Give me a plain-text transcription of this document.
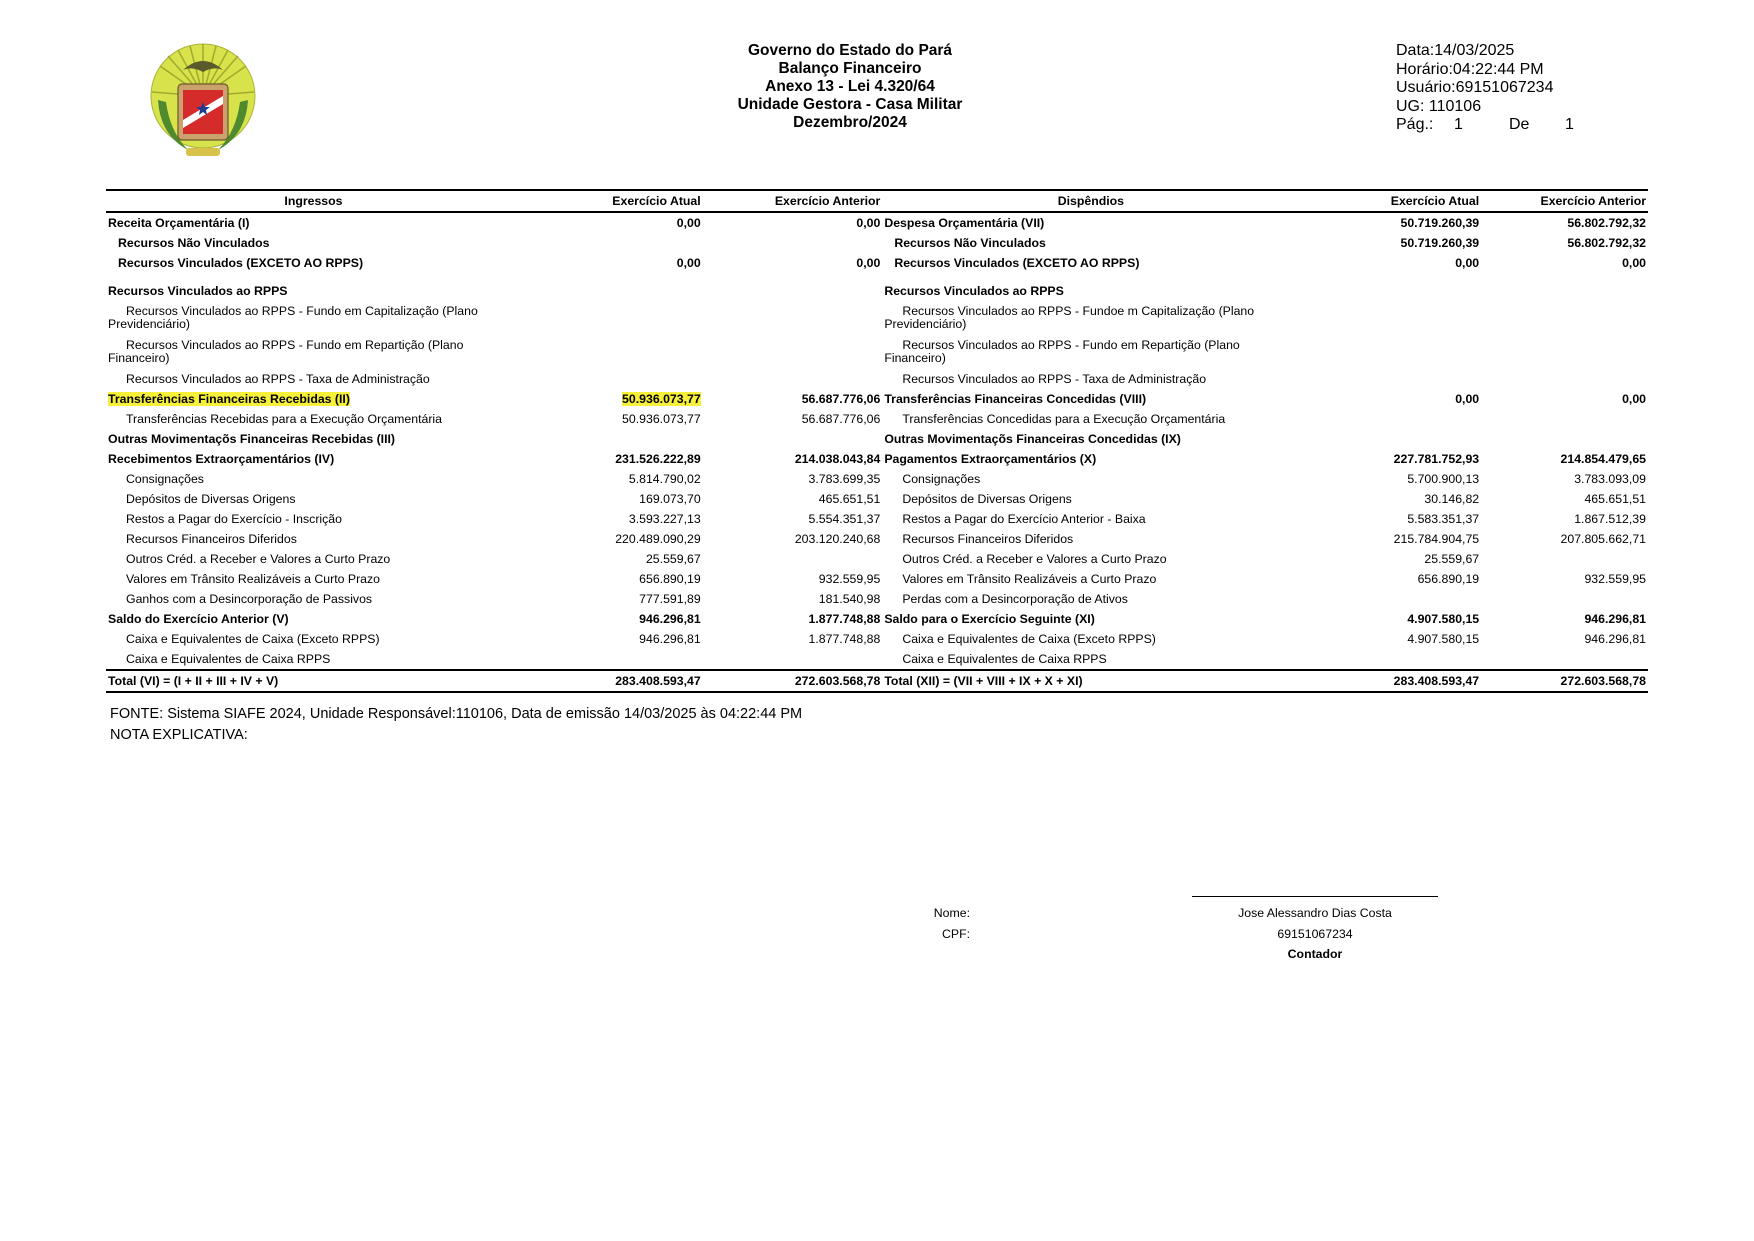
Governo do Estado do Pará
Balanço Financeiro
Anexo 13 - Lei 4.320/64
Unidade Gestora - Casa Militar
Dezembro/2024
Data:14/03/2025
Horário:04:22:44 PM
Usuário:69151067234
UG: 110106
Pág.: 1	De 1
Ingressos	Exercício Atual	Exercício Anterior	Dispêndios	Exercício Atual	Exercício Anterior
Receita Orçamentária (I)	0,00	0,00	Despesa Orçamentária (VII)	50.719.260,39	56.802.792,32
Recursos Não Vinculados			Recursos Não Vinculados	50.719.260,39	56.802.792,32
Recursos Vinculados (EXCETO AO RPPS)	0,00	0,00	Recursos Vinculados (EXCETO AO RPPS)	0,00	0,00

Recursos Vinculados ao RPPS			Recursos Vinculados ao RPPS		
Recursos Vinculados ao RPPS - Fundo em Capitalização (Plano Previdenciário)			Recursos Vinculados ao RPPS - Fundoe m Capitalização (Plano Previdenciário)		
Recursos Vinculados ao RPPS - Fundo em Repartição (Plano Financeiro)			Recursos Vinculados ao RPPS - Fundo em Repartição (Plano Financeiro)		
Recursos Vinculados ao RPPS - Taxa de Administração			Recursos Vinculados ao RPPS - Taxa de Administração		
Transferências Financeiras Recebidas (II)	50.936.073,77	56.687.776,06	Transferências Financeiras Concedidas (VIII)	0,00	0,00
Transferências Recebidas para a Execução Orçamentária	50.936.073,77	56.687.776,06	Transferências Concedidas para a Execução Orçamentária		
Outras Movimentaçõs Financeiras Recebidas (III)			Outras Movimentaçõs Financeiras Concedidas (IX)		
Recebimentos Extraorçamentários (IV)	231.526.222,89	214.038.043,84	Pagamentos Extraorçamentários (X)	227.781.752,93	214.854.479,65
Consignações	5.814.790,02	3.783.699,35	Consignações	5.700.900,13	3.783.093,09
Depósitos de Diversas Origens	169.073,70	465.651,51	Depósitos de Diversas Origens	30.146,82	465.651,51
Restos a Pagar do Exercício - Inscrição	3.593.227,13	5.554.351,37	Restos a Pagar do Exercício Anterior - Baixa	5.583.351,37	1.867.512,39
Recursos Financeiros Diferidos	220.489.090,29	203.120.240,68	Recursos Financeiros Diferidos	215.784.904,75	207.805.662,71
Outros Créd. a Receber e Valores a Curto Prazo	25.559,67		Outros Créd. a Receber e Valores a Curto Prazo	25.559,67	
Valores em Trânsito Realizáveis a Curto Prazo	656.890,19	932.559,95	Valores em Trânsito Realizáveis a Curto Prazo	656.890,19	932.559,95
Ganhos com a Desincorporação de Passivos	777.591,89	181.540,98	Perdas com a Desincorporação de Ativos		
Saldo do Exercício Anterior (V)	946.296,81	1.877.748,88	Saldo para o Exercício Seguinte (XI)	4.907.580,15	946.296,81
Caixa e Equivalentes de Caixa (Exceto RPPS)	946.296,81	1.877.748,88	Caixa e Equivalentes de Caixa (Exceto RPPS)	4.907.580,15	946.296,81
Caixa e Equivalentes de Caixa RPPS			Caixa e Equivalentes de Caixa RPPS		
Total (VI) = (I + II + III + IV + V)	283.408.593,47	272.603.568,78	Total (XII) = (VII + VIII + IX + X + XI)	283.408.593,47	272.603.568,78
FONTE: Sistema SIAFE 2024, Unidade Responsável:110106, Data de emissão 14/03/2025 às 04:22:44 PM
NOTA EXPLICATIVA:
Nome:
CPF:
Jose Alessandro Dias Costa
69151067234
Contador
